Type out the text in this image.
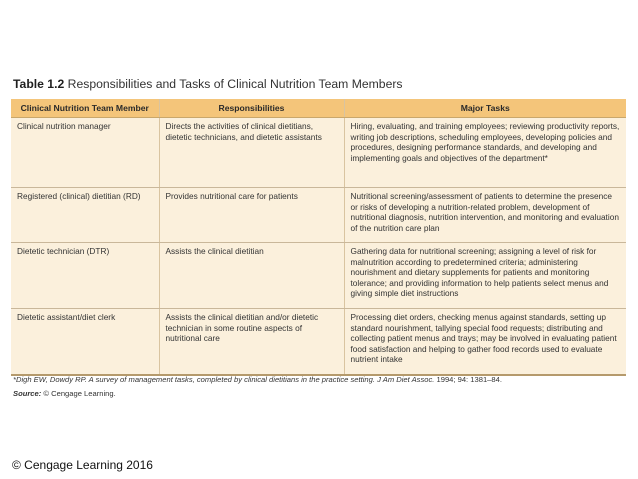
Table 1.2 Responsibilities and Tasks of Clinical Nutrition Team Members
Clinical Nutrition Team Member	Responsibilities	Major Tasks
Clinical nutrition manager	Directs the activities of clinical dietitians, dietetic technicians, and dietetic assistants	Hiring, evaluating, and training employees; reviewing productivity reports, writing job descriptions, scheduling employees, developing policies and procedures, designing performance standards, and developing and implementing goals and objectives of the department*
Registered (clinical) dietitian (RD)	Provides nutritional care for patients	Nutritional screening/assessment of patients to determine the presence or risks of developing a nutrition-related problem, development of nutritional diagnosis, nutrition intervention, and monitoring and evaluation of the nutrition care plan
Dietetic technician (DTR)	Assists the clinical dietitian	Gathering data for nutritional screening; assigning a level of risk for malnutrition according to predetermined criteria; administering nourishment and dietary supplements for patients and monitoring tolerance; and providing information to help patients select menus and giving simple diet instructions
Dietetic assistant/diet clerk	Assists the clinical dietitian and/or dietetic technician in some routine aspects of nutritional care	Processing diet orders, checking menus against standards, setting up standard nourishment, tallying special food requests; distributing and collecting patient menus and trays; may be involved in evaluating patient food satisfaction and helping to gather food records used to evaluate nutrient intake
*Digh EW, Dowdy RP. A survey of management tasks, completed by clinical dietitians in the practice setting. J Am Diet Assoc. 1994; 94: 1381–84.
Source: © Cengage Learning.
© Cengage Learning 2016
